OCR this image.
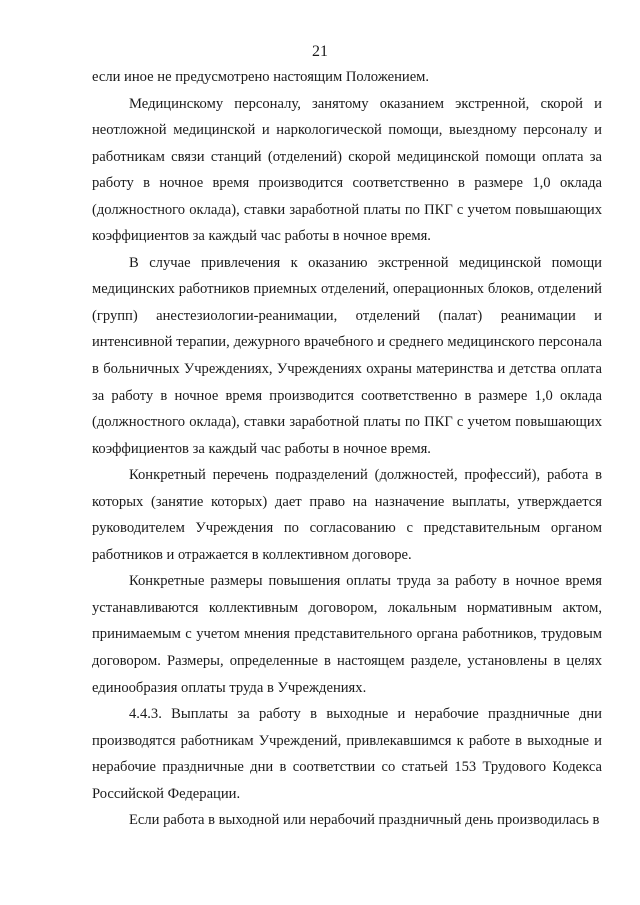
21

если иное не предусмотрено настоящим Положением.

Медицинскому персоналу, занятому оказанием экстренной, скорой и неотложной медицинской и наркологической помощи, выездному персоналу и работникам связи станций (отделений) скорой медицинской помощи оплата за работу в ночное время производится соответственно в размере 1,0 оклада (должностного оклада), ставки заработной платы по ПКГ с учетом повышающих коэффициентов за каждый час работы в ночное время.

В случае привлечения к оказанию экстренной медицинской помощи медицинских работников приемных отделений, операционных блоков, отделений (групп) анестезиологии-реанимации, отделений (палат) реанимации и интенсивной терапии, дежурного врачебного и среднего медицинского персонала в больничных Учреждениях, Учреждениях охраны материнства и детства оплата за работу в ночное время производится соответственно в размере 1,0 оклада (должностного оклада), ставки заработной платы по ПКГ с учетом повышающих коэффициентов за каждый час работы в ночное время.

Конкретный перечень подразделений (должностей, профессий), работа в которых (занятие которых) дает право на назначение выплаты, утверждается руководителем Учреждения по согласованию с представительным органом работников и отражается в коллективном договоре.

Конкретные размеры повышения оплаты труда за работу в ночное время устанавливаются коллективным договором, локальным нормативным актом, принимаемым с учетом мнения представительного органа работников, трудовым договором. Размеры, определенные в настоящем разделе, установлены в целях единообразия оплаты труда в Учреждениях.

4.4.3. Выплаты за работу в выходные и нерабочие праздничные дни производятся работникам Учреждений, привлекавшимся к работе в выходные и нерабочие праздничные дни в соответствии со статьей 153 Трудового Кодекса Российской Федерации.

Если работа в выходной или нерабочий праздничный день производилась в
